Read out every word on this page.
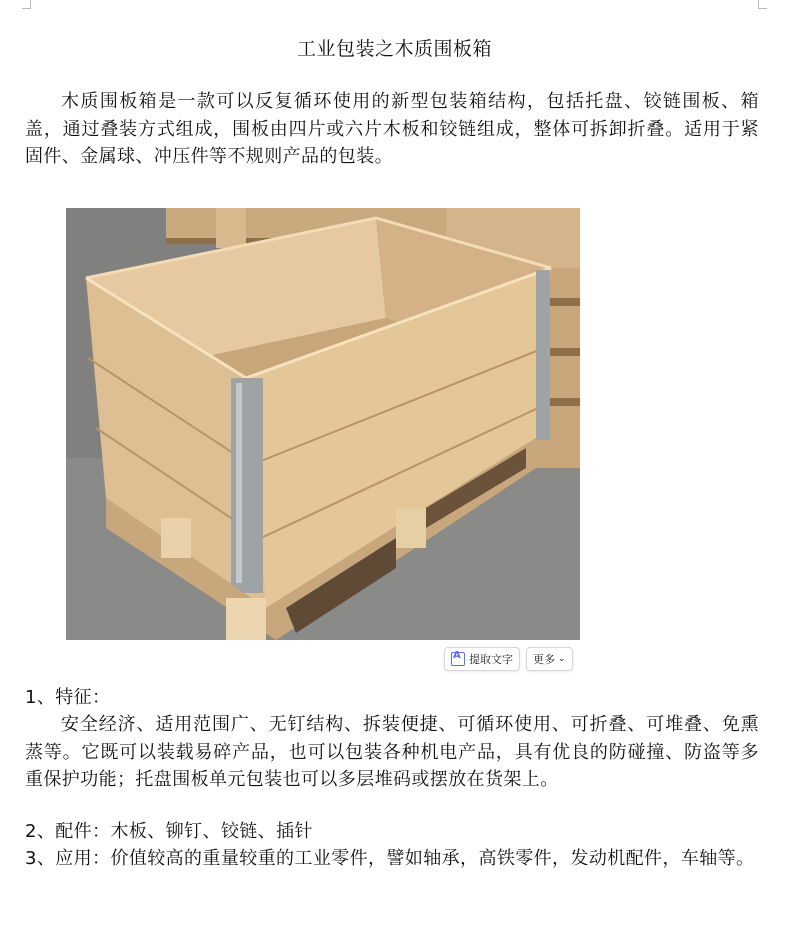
工业包装之木质围板箱
木质围板箱是一款可以反复循环使用的新型包装箱结构，包括托盘、铰链围板、箱盖，通过叠装方式组成，围板由四片或六片木板和铰链组成，整体可拆卸折叠。适用于紧固件、金属球、冲压件等不规则产品的包装。
A
提取文字 更多 ⌄
1、特征：
安全经济、适用范围广、无钉结构、拆装便捷、可循环使用、可折叠、可堆叠、免熏蒸等。它既可以装载易碎产品，也可以包装各种机电产品，具有优良的防碰撞、防盗等多重保护功能；托盘围板单元包装也可以多层堆码或摆放在货架上。
2、配件：木板、铆钉、铰链、插针
3、应用：价值较高的重量较重的工业零件，譬如轴承，高铁零件，发动机配件，车轴等。
